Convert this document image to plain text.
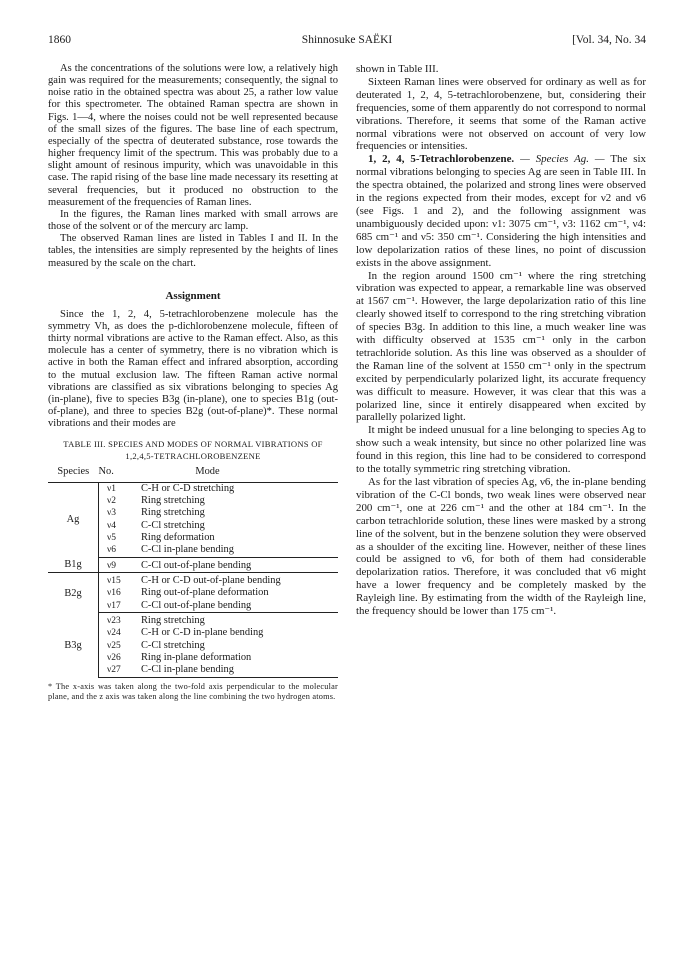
1860	Shinnosuke SAËKI	[Vol. 34, No. 34

As the concentrations of the solutions were low, a relatively high gain was required for the measurements; consequently, the signal to noise ratio in the obtained spectra was about 25, a rather low value for this spectrometer. The obtained Raman spectra are shown in Figs. 1—4, where the noises could not be well represented because of the small sizes of the figures. The base line of each spectrum, especially of the spectra of deuterated substance, rose towards the higher frequency limit of the spectrum. This was probably due to a slight amount of resinous impurity, which was unavoidable in this case. The rapid rising of the base line made necessary its resetting at several frequencies, but it produced no obstruction to the measurement of the frequencies of Raman lines.

In the figures, the Raman lines marked with small arrows are those of the solvent or of the mercury arc lamp.

The observed Raman lines are listed in Tables I and II. In the tables, the intensities are simply represented by the heights of lines measured by the scale on the chart.

Assignment

Since the 1, 2, 4, 5-tetrachlorobenzene molecule has the symmetry Vh, as does the p-dichlorobenzene molecule, fifteen of thirty normal vibrations are active to the Raman effect. Also, as this molecule has a center of symmetry, there is no vibration which is active in both the Raman effect and infrared absorption, according to the mutual exclusion law. The fifteen Raman active normal vibrations are classified as six vibrations belonging to species Ag (in-plane), five to species B3g (in-plane), one to species B1g (out-of-plane), and three to species B2g (out-of-plane)*. These normal vibrations and their modes are

TABLE III. SPECIES AND MODES OF NORMAL VIBRATIONS OF 1,2,4,5-TETRACHLOROBENZENE
Species	No.	Mode
Ag	ν1	C-H or C-D stretching
	ν2	Ring stretching
	ν3	Ring stretching
	ν4	C-Cl stretching
	ν5	Ring deformation
	ν6	C-Cl in-plane bending
B1g	ν9	C-Cl out-of-plane bending
B2g	ν15	C-H or C-D out-of-plane bending
	ν16	Ring out-of-plane deformation
	ν17	C-Cl out-of-plane bending
B3g	ν23	Ring stretching
	ν24	C-H or C-D in-plane bending
	ν25	C-Cl stretching
	ν26	Ring in-plane deformation
	ν27	C-Cl in-plane bending
* The x-axis was taken along the two-fold axis perpendicular to the molecular plane, and the z axis was taken along the line combining the two hydrogen atoms.

shown in Table III.

Sixteen Raman lines were observed for ordinary as well as for deuterated 1, 2, 4, 5-tetrachlorobenzene, but, considering their frequencies, some of them apparently do not correspond to normal vibrations. Therefore, it seems that some of the Raman active normal vibrations were not observed on account of very low frequencies or intensities.

1, 2, 4, 5-Tetrachlorobenzene. — Species Ag. — The six normal vibrations belonging to species Ag are seen in Table III. In the spectra obtained, the polarized and strong lines were observed in the regions expected from their modes, except for ν2 and ν6 (see Figs. 1 and 2), and the following assignment was unambiguously decided upon: ν1: 3075 cm⁻¹, ν3: 1162 cm⁻¹, ν4: 685 cm⁻¹ and ν5: 350 cm⁻¹. Considering the high intensities and low depolarization ratios of these lines, no point of discussion exists in the above assignment.

In the region around 1500 cm⁻¹ where the ring stretching vibration was expected to appear, a remarkable line was observed at 1567 cm⁻¹. However, the large depolarization ratio of this line clearly showed itself to correspond to the ring stretching vibration of species B3g. In addition to this line, a much weaker line was with difficulty observed at 1535 cm⁻¹ only in the carbon tetrachloride solution. As this line was observed as a shoulder of the Raman line of the solvent at 1550 cm⁻¹ only in the spectrum excited by perpendicularly polarized light, its accurate frequency was difficult to measure. However, it was clear that this was a polarized line, since it entirely disappeared when excited by parallelly polarized light.

It might be indeed unusual for a line belonging to species Ag to show such a weak intensity, but since no other polarized line was found in this region, this line had to be considered to correspond to the totally symmetric ring stretching vibration.

As for the last vibration of species Ag, ν6, the in-plane bending vibration of the C-Cl bonds, two weak lines were observed near 200 cm⁻¹, one at 226 cm⁻¹ and the other at 184 cm⁻¹. In the carbon tetrachloride solution, these lines were masked by a strong line of the solvent, but in the benzene solution they were observed as a shoulder of the exciting line. However, neither of these lines could be assigned to ν6, for both of them had considerable depolarization ratios. Therefore, it was concluded that ν6 might have a lower frequency and be completely masked by the Rayleigh line. By estimating from the width of the Rayleigh line, the frequency should be lower than 175 cm⁻¹.
